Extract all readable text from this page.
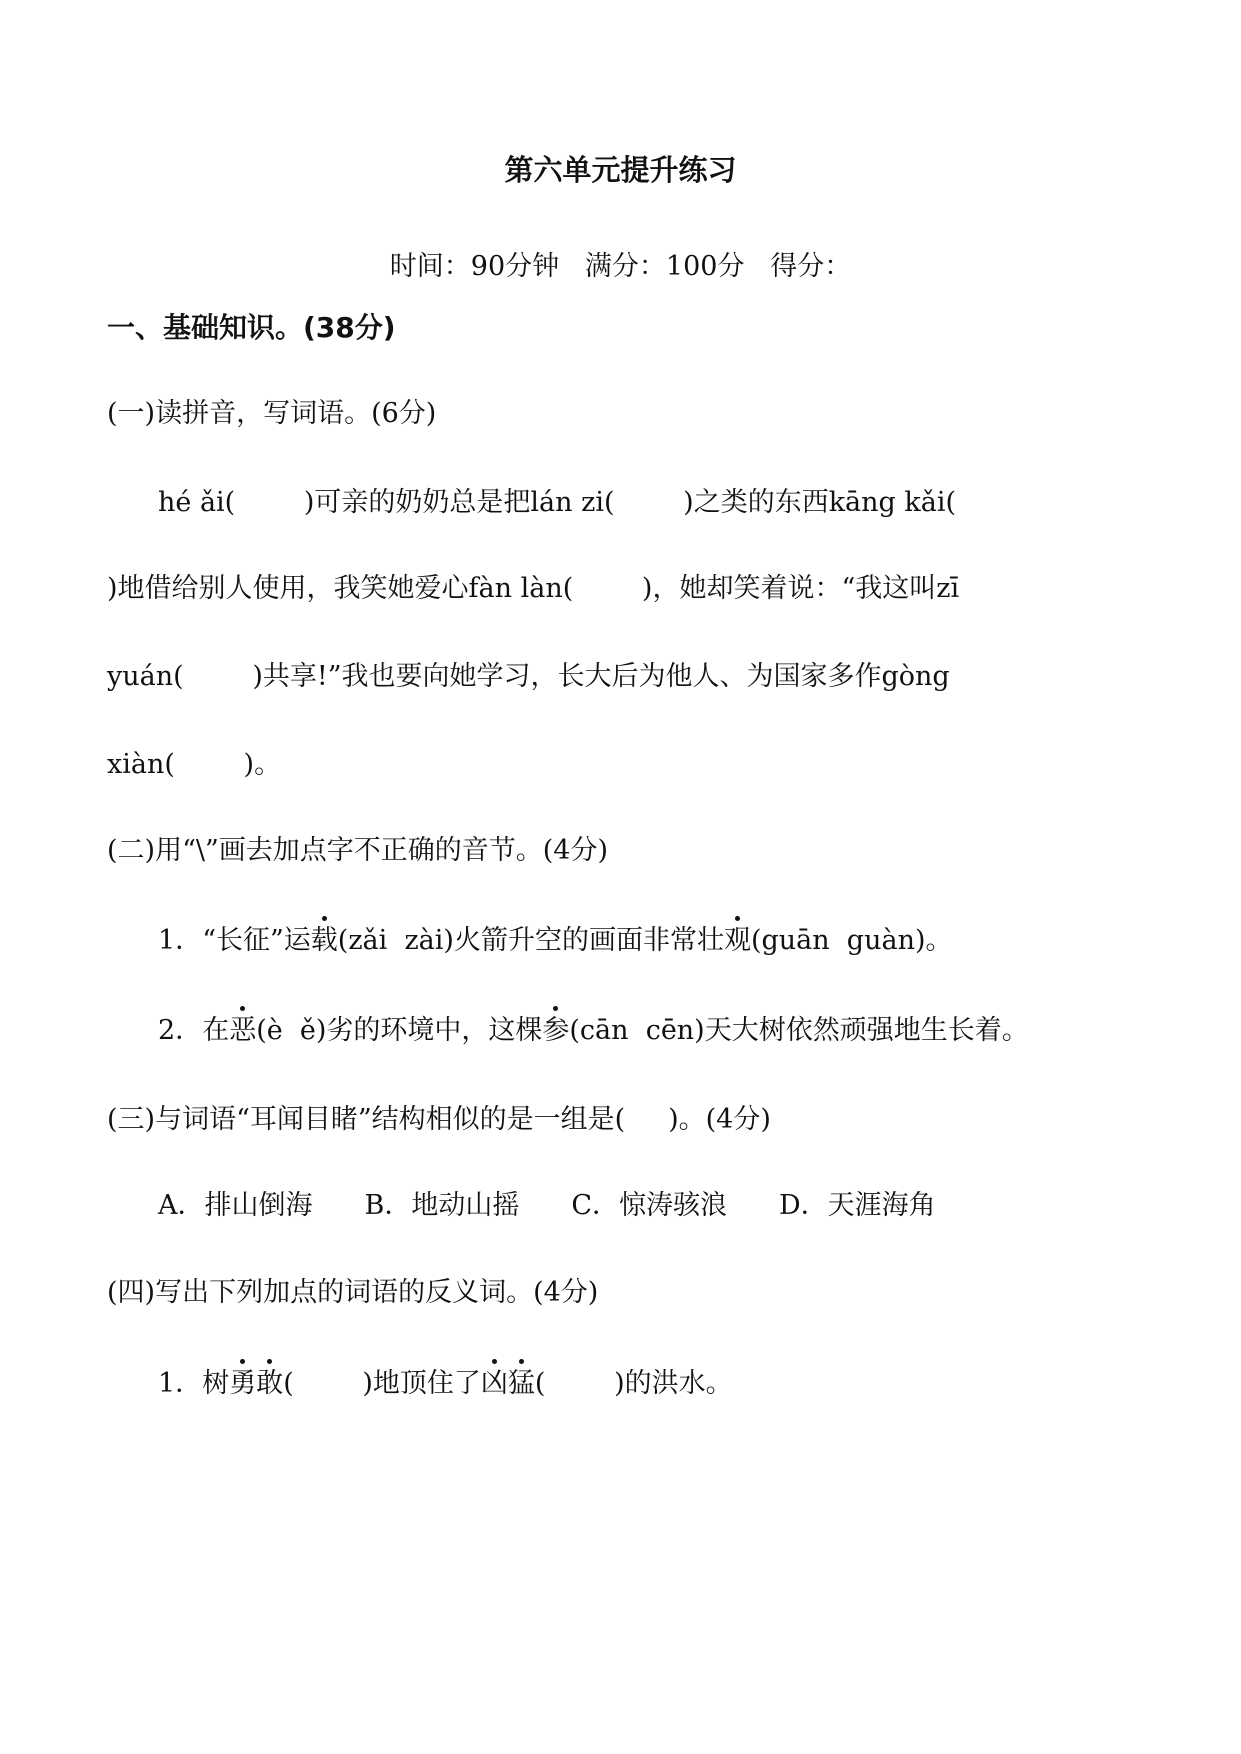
第六单元提升练习
时间：90分钟 满分：100分 得分：
一、基础知识。(38分)
(一)读拼音，写词语。(6分)
hé ǎi(        )可亲的奶奶总是把lán zi(        )之类的东西kāng kǎi(
)地借给别人使用，我笑她爱心fàn làn(        )，她却笑着说：“我这叫zī
yuán(        )共享!”我也要向她学习，长大后为他人、为国家多作gòng
xiàn(        )。
(二)用“\”画去加点字不正确的音节。(4分)
1．“长征”运载(zǎi  zài)火箭升空的画面非常壮观(guān  guàn)。
2．在恶(è  ě)劣的环境中，这棵参(cān  cēn)天大树依然顽强地生长着。
(三)与词语“耳闻目睹”结构相似的是一组是(     )。(4分)
A．排山倒海 B．地动山摇 C．惊涛骇浪 D．天涯海角
(四)写出下列加点的词语的反义词。(4分)
1．树勇敢(        )地顶住了凶猛(        )的洪水。
